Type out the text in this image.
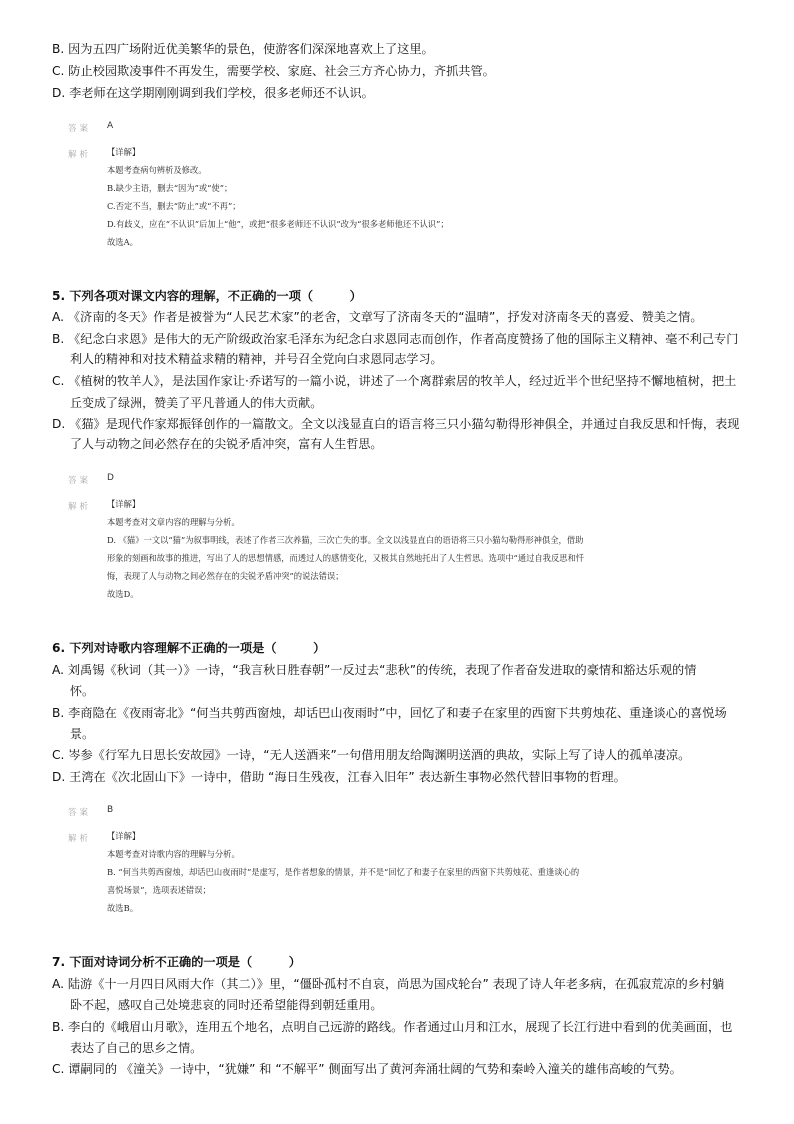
B. 因为五四广场附近优美繁华的景色，使游客们深深地喜欢上了这里。
C. 防止校园欺凌事件不再发生，需要学校、家庭、社会三方齐心协力，齐抓共管。
D. 李老师在这学期刚刚调到我们学校，很多老师还不认识。
答案 A
解析 【详解】
本题考查病句辨析及修改。
B.缺少主语，删去“因为”或“使”；
C.否定不当，删去“防止”或“不再”；
D.有歧义，应在“不认识”后加上“他”，或把“很多老师还不认识”改为“很多老师他还不认识”；
故选A。
5. 下列各项对课文内容的理解，不正确的一项（　　　）
A. 《济南的冬天》作者是被誉为“人民艺术家”的老舍，文章写了济南冬天的“温晴”，抒发对济南冬天的喜爱、赞美之情。
B. 《纪念白求恩》是伟大的无产阶级政治家毛泽东为纪念白求恩同志而创作，作者高度赞扬了他的国际主义精神、毫不利己专门
利人的精神和对技术精益求精的精神，并号召全党向白求恩同志学习。
C. 《植树的牧羊人》，是法国作家让·乔诺写的一篇小说，讲述了一个离群索居的牧羊人，经过近半个世纪坚持不懈地植树，把土
丘变成了绿洲，赞美了平凡普通人的伟大贡献。
D. 《猫》是现代作家郑振铎创作的一篇散文。全文以浅显直白的语言将三只小猫勾勒得形神俱全，并通过自我反思和忏悔，表现
了人与动物之间必然存在的尖锐矛盾冲突，富有人生哲思。
答案 D
解析 【详解】
本题考查对文章内容的理解与分析。
D. 《猫》一文以“猫”为叙事明线，表述了作者三次养猫，三次亡失的事。全文以浅显直白的语语将三只小猫勾勒得形神俱全，借助
形象的刻画和故事的推进，写出了人的思想情感，而透过人的感情变化，又极其自然地托出了人生哲思。选项中“通过自我反思和忏
悔，表现了人与动物之间必然存在的尖锐矛盾冲突”的说法错误；
故选D。
6. 下列对诗歌内容理解不正确的一项是（　　　）
A. 刘禹锡《秋词（其一）》一诗，“我言秋日胜春朝”一反过去“悲秋”的传统，表现了作者奋发进取的豪情和豁达乐观的情
怀。
B. 李商隐在《夜雨寄北》“何当共剪西窗烛，却话巴山夜雨时”中，回忆了和妻子在家里的西窗下共剪烛花、重逢谈心的喜悦场
景。
C. 岑参《行军九日思长安故园》一诗，“无人送酒来”一句借用朋友给陶渊明送酒的典故，实际上写了诗人的孤单凄凉。
D. 王湾在《次北固山下》一诗中，借助 “海日生残夜，江春入旧年” 表达新生事物必然代替旧事物的哲理。
答案 B
解析 【详解】
本题考查对诗歌内容的理解与分析。
B. “何当共剪西窗烛，却话巴山夜雨时”是虚写，是作者想象的情景，并不是“回忆了和妻子在家里的西窗下共剪烛花、重逢谈心的
喜悦场景”，选项表述错误；
故选B。
7. 下面对诗词分析不正确的一项是（　　　）
A. 陆游《十一月四日风雨大作（其二）》里，“僵卧孤村不自哀，尚思为国戍轮台” 表现了诗人年老多病，在孤寂荒凉的乡村躺
卧不起，感叹自己处境悲哀的同时还希望能得到朝廷重用。
B. 李白的《峨眉山月歌》，连用五个地名，点明自己远游的路线。作者通过山月和江水，展现了长江行进中看到的优美画面，也
表达了自己的思乡之情。
C. 谭嗣同的 《潼关》一诗中，“犹嫌” 和 “不解平” 侧面写出了黄河奔涌壮阔的气势和秦岭入潼关的雄伟高峻的气势。
